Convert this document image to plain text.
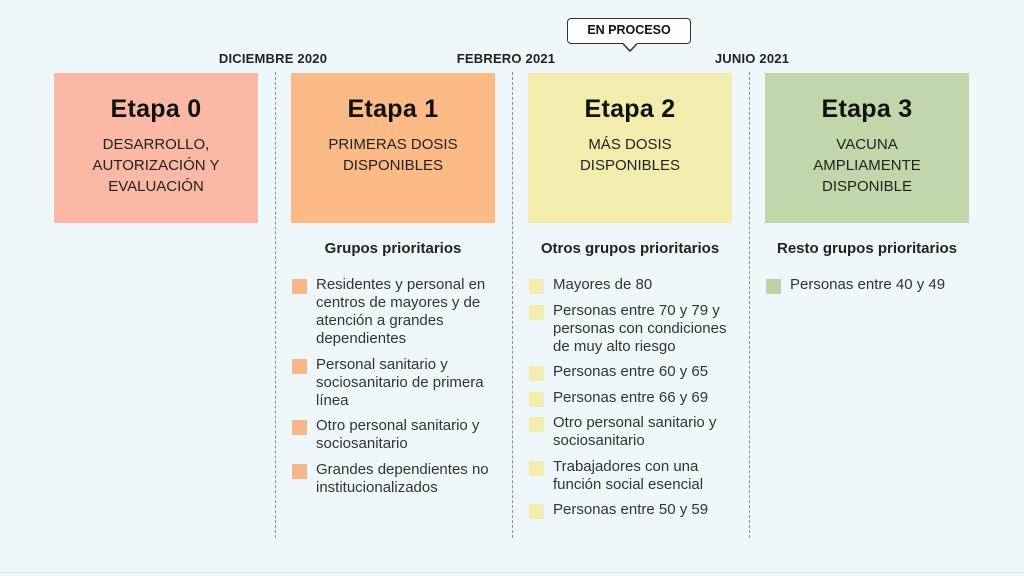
DICIEMBRE 2020	FEBRERO 2021	JUNIO 2021
EN PROCESO
Etapa 0

DESARROLLO,
AUTORIZACIÓN Y
EVALUACIÓN

Etapa 1

PRIMERAS DOSIS
DISPONIBLES

Etapa 2

MÁS DOSIS
DISPONIBLES

Etapa 3

VACUNA
AMPLIAMENTE
DISPONIBLE

Grupos prioritarios	Otros grupos prioritarios	Resto grupos prioritarios
Residentes y personal en centros de mayores y de atención a grandes dependientes
Personal sanitario y sociosanitario de primera línea
Otro personal sanitario y sociosanitario
Grandes dependientes no institucionalizados
Mayores de 80
Personas entre 70 y 79 y personas con condiciones de muy alto riesgo
Personas entre 60 y 65
Personas entre 66 y 69
Otro personal sanitario y sociosanitario
Trabajadores con una función social esencial
Personas entre 50 y 59
Personas entre 40 y 49
